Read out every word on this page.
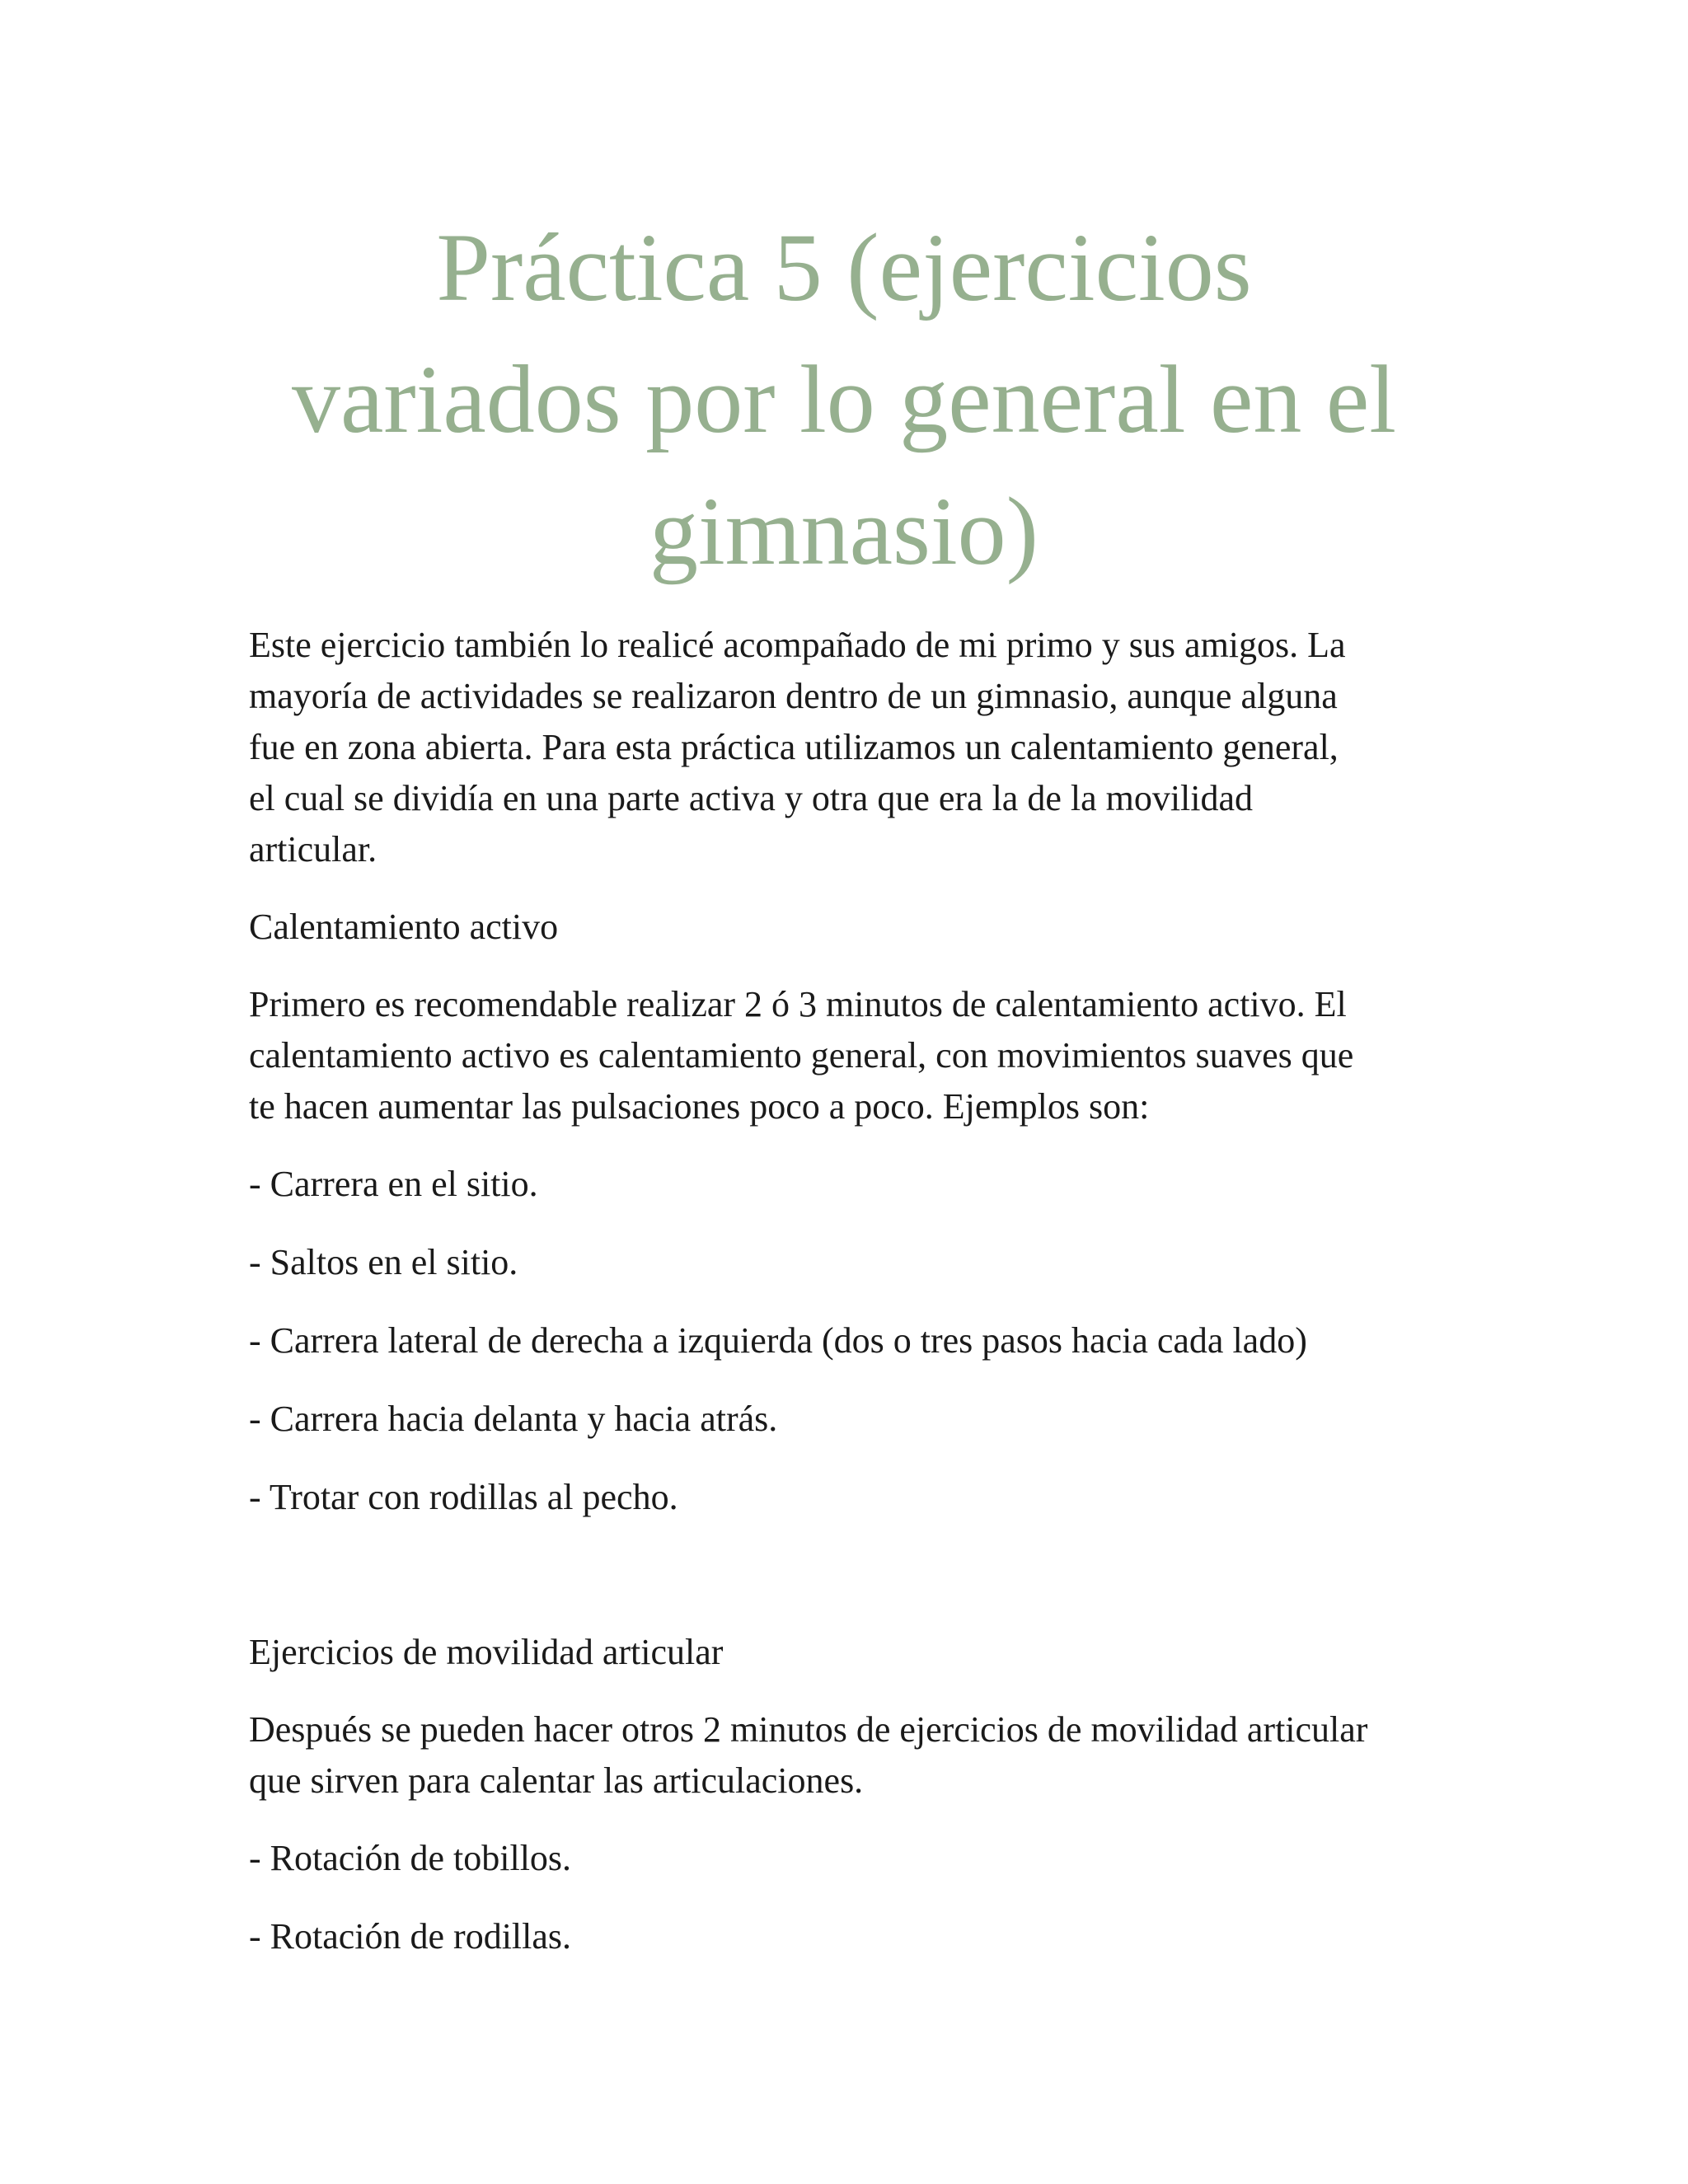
Práctica 5 (ejercicios
variados por lo general en el
gimnasio)

Este ejercicio también lo realicé acompañado de mi primo y sus amigos. La
mayoría de actividades se realizaron dentro de un gimnasio, aunque alguna
fue en zona abierta. Para esta práctica utilizamos un calentamiento general,
el cual se dividía en una parte activa y otra que era la de la movilidad
articular.

Calentamiento activo

Primero es recomendable realizar 2 ó 3 minutos de calentamiento activo. El
calentamiento activo es calentamiento general, con movimientos suaves que
te hacen aumentar las pulsaciones poco a poco. Ejemplos son:

- Carrera en el sitio.

- Saltos en el sitio.

- Carrera lateral de derecha a izquierda (dos o tres pasos hacia cada lado)

- Carrera hacia delanta y hacia atrás.

- Trotar con rodillas al pecho.

Ejercicios de movilidad articular

Después se pueden hacer otros 2 minutos de ejercicios de movilidad articular
que sirven para calentar las articulaciones.

- Rotación de tobillos.

- Rotación de rodillas.
